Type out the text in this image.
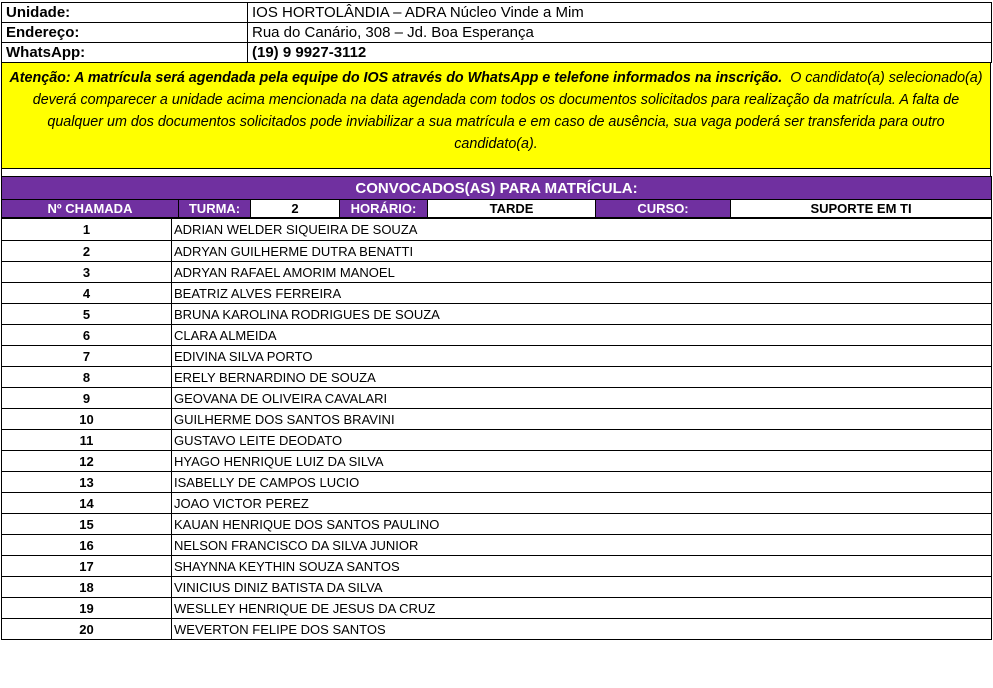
Unidade:	IOS HORTOLÂNDIA – ADRA Núcleo Vinde a Mim
Endereço:	Rua do Canário, 308 – Jd. Boa Esperança
WhatsApp:	(19) 9 9927-3112
Atenção: A matrícula será agendada pela equipe do IOS através do WhatsApp e telefone informados na inscrição. O candidato(a) selecionado(a) deverá comparecer a unidade acima mencionada na data agendada com todos os documentos solicitados para realização da matrícula. A falta de qualquer um dos documentos solicitados pode inviabilizar a sua matrícula e em caso de ausência, sua vaga poderá ser transferida para outro candidato(a).
CONVOCADOS(AS) PARA MATRÍCULA:
Nº CHAMADA	TURMA:	2	HORÁRIO:	TARDE	CURSO:	SUPORTE EM TI
1	ADRIAN WELDER SIQUEIRA DE SOUZA
2	ADRYAN GUILHERME DUTRA BENATTI
3	ADRYAN RAFAEL AMORIM MANOEL
4	BEATRIZ ALVES FERREIRA
5	BRUNA KAROLINA RODRIGUES DE SOUZA
6	CLARA ALMEIDA
7	EDIVINA SILVA PORTO
8	ERELY BERNARDINO DE SOUZA
9	GEOVANA DE OLIVEIRA CAVALARI
10	GUILHERME DOS SANTOS BRAVINI
11	GUSTAVO LEITE DEODATO
12	HYAGO HENRIQUE LUIZ DA SILVA
13	ISABELLY DE CAMPOS LUCIO
14	JOAO VICTOR PEREZ
15	KAUAN HENRIQUE DOS SANTOS PAULINO
16	NELSON FRANCISCO DA SILVA JUNIOR
17	SHAYNNA KEYTHIN SOUZA SANTOS
18	VINICIUS DINIZ BATISTA DA SILVA
19	WESLLEY HENRIQUE DE JESUS DA CRUZ
20	WEVERTON FELIPE DOS SANTOS
